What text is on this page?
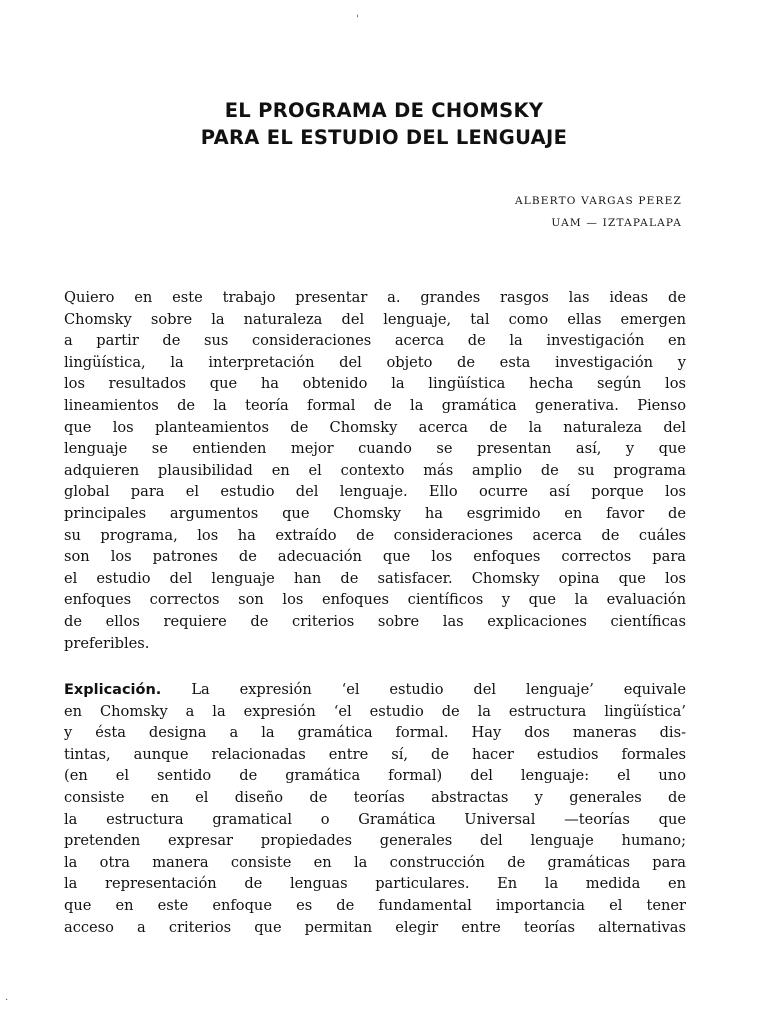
'
EL PROGRAMA DE CHOMSKY
PARA EL ESTUDIO DEL LENGUAJE
ALBERTO VARGAS PEREZ
UAM — IZTAPALAPA
Quiero en este trabajo presentar a. grandes rasgos las ideas de
Chomsky sobre la naturaleza del lenguaje, tal como ellas emergen
a partir de sus consideraciones acerca de la investigación en
lingüística, la interpretación del objeto de esta investigación y
los resultados que ha obtenido la lingüística hecha según los
lineamientos de la teoría formal de la gramática generativa. Pienso
que los planteamientos de Chomsky acerca de la naturaleza del
lenguaje se entienden mejor cuando se presentan así, y que
adquieren plausibilidad en el contexto más amplio de su programa
global para el estudio del lenguaje. Ello ocurre así porque los
principales argumentos que Chomsky ha esgrimido en favor de
su programa, los ha extraído de consideraciones acerca de cuáles
son los patrones de adecuación que los enfoques correctos para
el estudio del lenguaje han de satisfacer. Chomsky opina que los
enfoques correctos son los enfoques científicos y que la evaluación
de ellos requiere de criterios sobre las explicaciones científicas
preferibles.
Explicación. La expresión ‘el estudio del lenguaje’ equivale
en Chomsky a la expresión ‘el estudio de la estructura lingüística’
y ésta designa a la gramática formal. Hay dos maneras dis-
tintas, aunque relacionadas entre sí, de hacer estudios formales
(en el sentido de gramática formal) del lenguaje: el uno
consiste en el diseño de teorías abstractas y generales de
la estructura gramatical o Gramática Universal —teorías que
pretenden expresar propiedades generales del lenguaje humano;
la otra manera consiste en la construcción de gramáticas para
la representación de lenguas particulares. En la medida en
que en este enfoque es de fundamental importancia el tener
acceso a criterios que permitan elegir entre teorías alternativas
·
